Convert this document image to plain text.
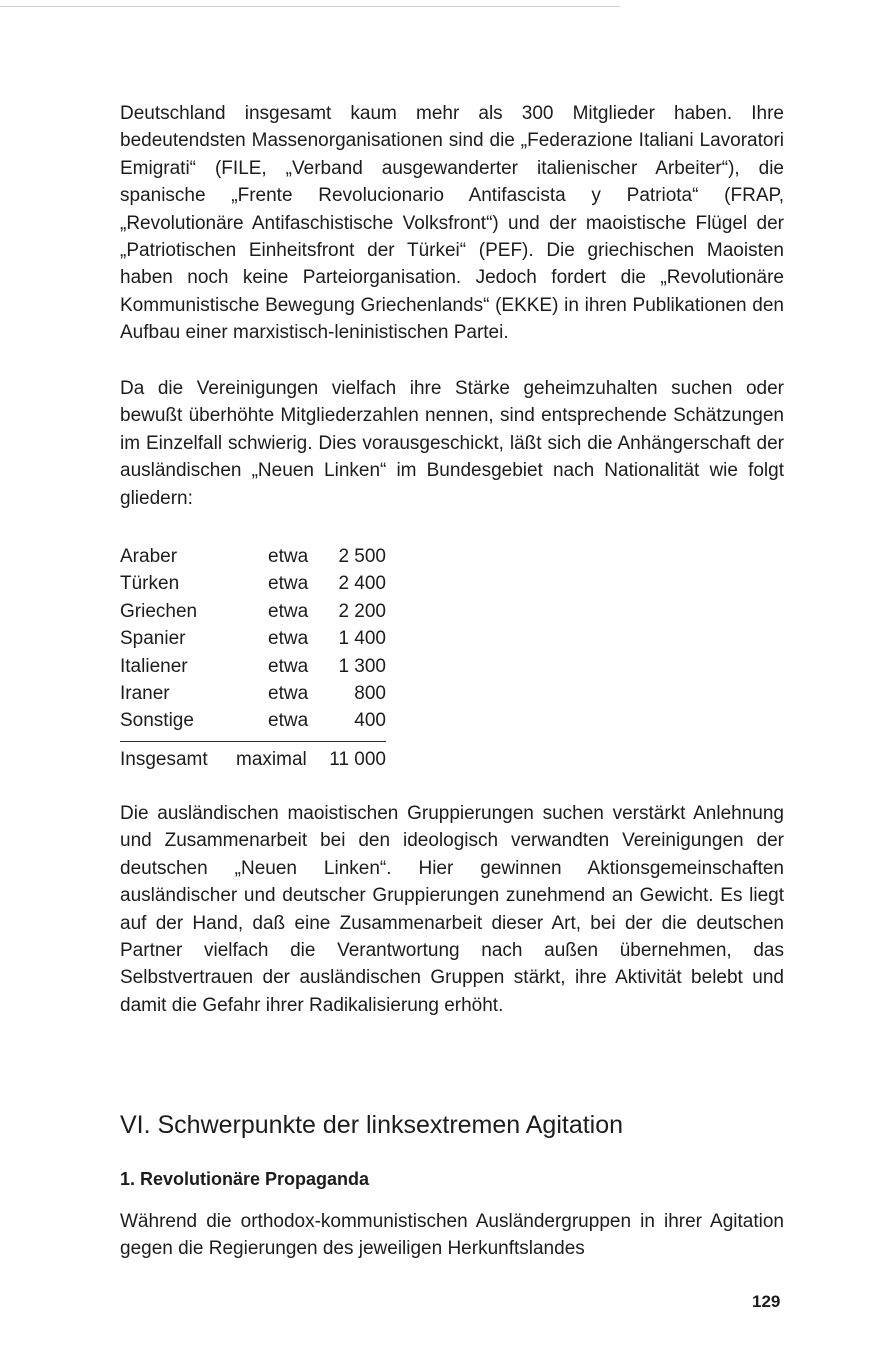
Deutschland insgesamt kaum mehr als 300 Mitglieder haben. Ihre bedeutendsten Massenorganisationen sind die „Federazione Italiani Lavoratori Emigrati“ (FILE, „Verband ausgewanderter italienischer Arbeiter“), die spanische „Frente Revolucionario Antifascista y Patriota“ (FRAP, „Revolutionäre Antifaschistische Volksfront“) und der maoistische Flügel der „Patriotischen Einheitsfront der Türkei“ (PEF). Die griechischen Maoisten haben noch keine Parteiorganisation. Jedoch fordert die „Revolutionäre Kommunistische Bewegung Griechenlands“ (EKKE) in ihren Publikationen den Aufbau einer marxistisch-leninistischen Partei.

Da die Vereinigungen vielfach ihre Stärke geheimzuhalten suchen oder bewußt überhöhte Mitgliederzahlen nennen, sind entsprechende Schätzungen im Einzelfall schwierig. Dies vorausgeschickt, läßt sich die Anhängerschaft der ausländischen „Neuen Linken“ im Bundesgebiet nach Nationalität wie folgt gliedern:

Araber	etwa	2 500
Türken	etwa	2 400
Griechen	etwa	2 200
Spanier	etwa	1 400
Italiener	etwa	1 300
Iraner	etwa	800
Sonstige	etwa	400
Insgesamt	maximal	11 000

Die ausländischen maoistischen Gruppierungen suchen verstärkt Anlehnung und Zusammenarbeit bei den ideologisch verwandten Vereinigungen der deutschen „Neuen Linken“. Hier gewinnen Aktionsgemeinschaften ausländischer und deutscher Gruppierungen zunehmend an Gewicht. Es liegt auf der Hand, daß eine Zusammenarbeit dieser Art, bei der die deutschen Partner vielfach die Verantwortung nach außen übernehmen, das Selbstvertrauen der ausländischen Gruppen stärkt, ihre Aktivität belebt und damit die Gefahr ihrer Radikalisierung erhöht.

VI. Schwerpunkte der linksextremen Agitation
1. Revolutionäre Propaganda

Während die orthodox-kommunistischen Ausländergruppen in ihrer Agitation gegen die Regierungen des jeweiligen Herkunftslandes

129
